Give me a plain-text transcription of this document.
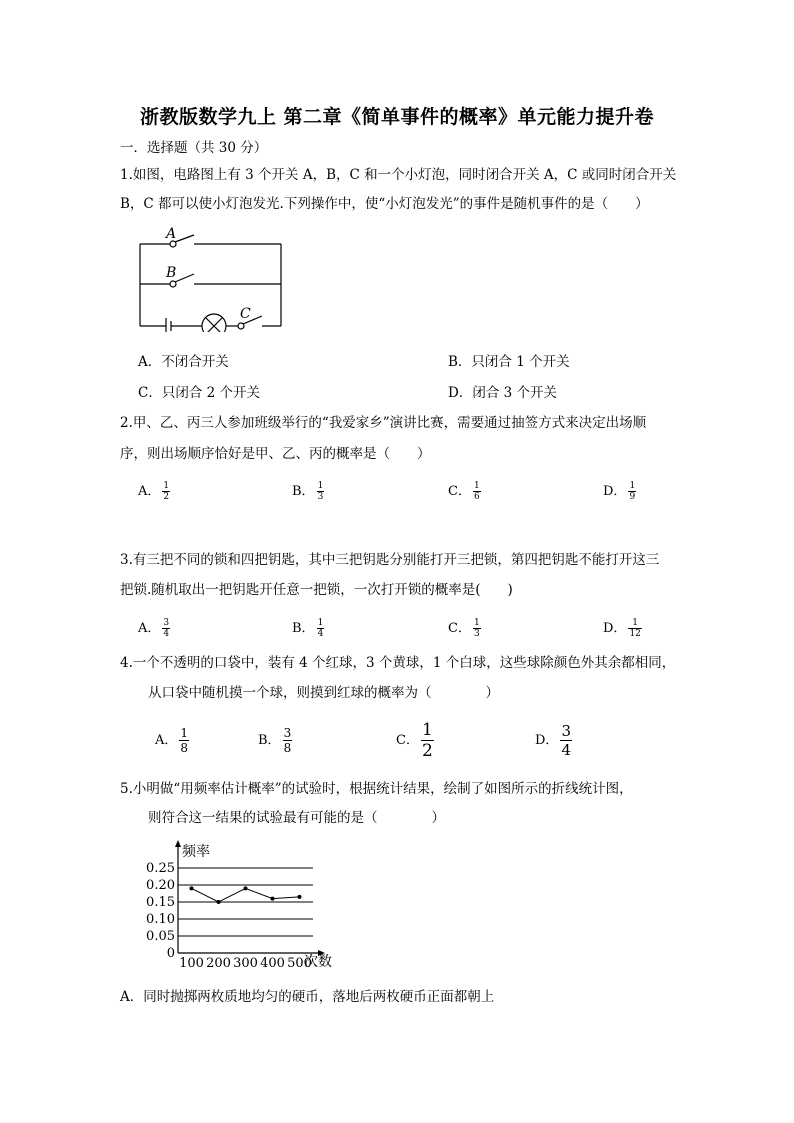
浙教版数学九上 第二章《简单事件的概率》单元能力提升卷
一．选择题（共 30 分）
1.如图，电路图上有 3 个开关 A，B，C 和一个小灯泡，同时闭合开关 A，C 或同时闭合开关
B，C 都可以使小灯泡发光.下列操作中，使“小灯泡发光”的事件是随机事件的是（　　）
A
B
C
A．不闭合开关	B．只闭合 1 个开关
C．只闭合 2 个开关	D．闭合 3 个开关
2.甲、乙、丙三人参加班级举行的“我爱家乡”演讲比赛，需要通过抽签方式来决定出场顺
序，则出场顺序恰好是甲、乙、丙的概率是（　　）
A． $\frac{1}{2}$	B． $\frac{1}{3}$	C． $\frac{1}{6}$	D． $\frac{1}{9}$
3.有三把不同的锁和四把钥匙，其中三把钥匙分别能打开三把锁，第四把钥匙不能打开这三
把锁.随机取出一把钥匙开任意一把锁，一次打开锁的概率是(　　)
A． $\frac{3}{4}$	B． $\frac{1}{4}$	C． $\frac{1}{3}$	D． $\frac{1}{12}$
4.一个不透明的口袋中，装有 4 个红球，3 个黄球，1 个白球，这些球除颜色外其余都相同，
从口袋中随机摸一个球，则摸到红球的概率为（　　　　）
A． $\frac{1}{8}$	B． $\frac{3}{8}$	C． $\frac{1}{2}$	D． $\frac{3}{4}$
5.小明做“用频率估计概率”的试验时，根据统计结果，绘制了如图所示的折线统计图，
则符合这一结果的试验最有可能的是（　　　　）
0.25
0.20
0.15
0.10
0.05
0
100 200 300 400 500
频率
次数
A．同时抛掷两枚质地均匀的硬币，落地后两枚硬币正面都朝上
